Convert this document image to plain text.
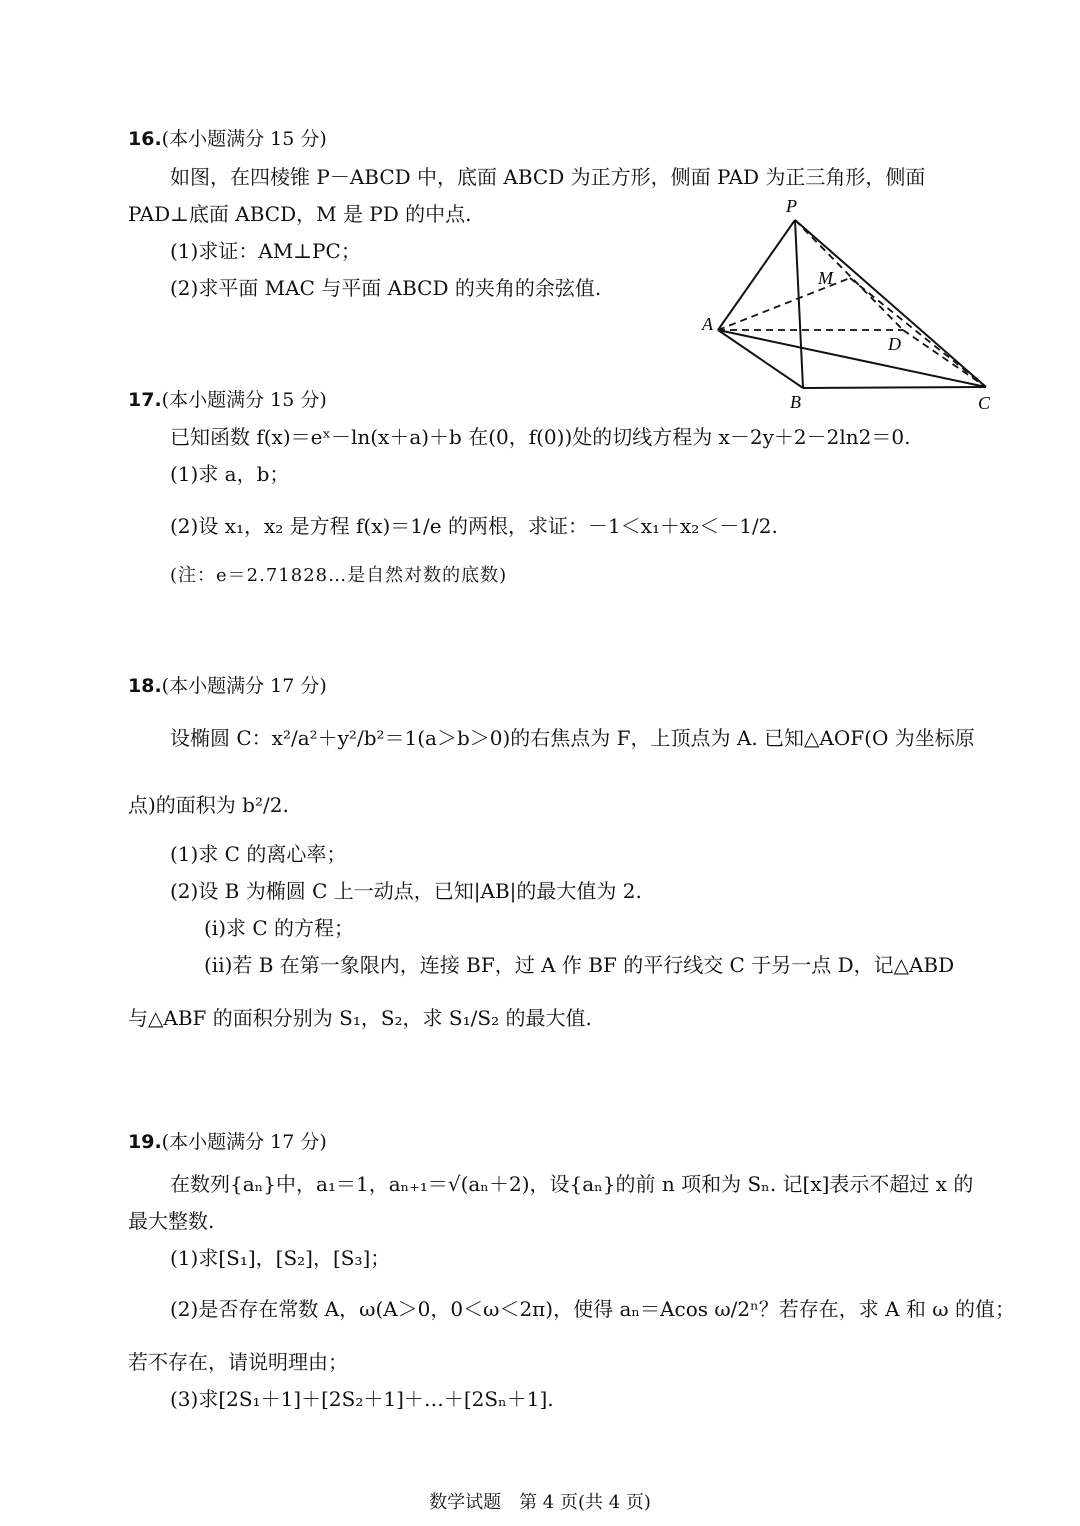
16.(本小题满分 15 分)
如图，在四棱锥 P－ABCD 中，底面 ABCD 为正方形，侧面 PAD 为正三角形，侧面
PAD⊥底面 ABCD，M 是 PD 的中点.
(1)求证：AM⊥PC；
(2)求平面 MAC 与平面 ABCD 的夹角的余弦值.
P
M
A
D
B	C
17.(本小题满分 15 分)
已知函数 f(x)＝eˣ－ln(x＋a)＋b 在(0，f(0))处的切线方程为 x－2y＋2－2ln2＝0.
(1)求 a，b；
(2)设 x₁，x₂ 是方程 f(x)＝1/e 的两根，求证：－1＜x₁＋x₂＜－1/2.
(注：e＝2.71828…是自然对数的底数)
18.(本小题满分 17 分)
设椭圆 C：x²/a²＋y²/b²＝1(a＞b＞0)的右焦点为 F，上顶点为 A. 已知△AOF(O 为坐标原
点)的面积为 b²/2.
(1)求 C 的离心率；
(2)设 B 为椭圆 C 上一动点，已知|AB|的最大值为 2.
(i)求 C 的方程；
(ii)若 B 在第一象限内，连接 BF，过 A 作 BF 的平行线交 C 于另一点 D，记△ABD
与△ABF 的面积分别为 S₁，S₂，求 S₁/S₂ 的最大值.
19.(本小题满分 17 分)
在数列{aₙ}中，a₁＝1，aₙ₊₁＝√(aₙ＋2)，设{aₙ}的前 n 项和为 Sₙ. 记[x]表示不超过 x 的
最大整数.
(1)求[S₁]，[S₂]，[S₃]；
(2)是否存在常数 A，ω(A＞0，0＜ω＜2π)，使得 aₙ＝Acos ω/2ⁿ？若存在，求 A 和 ω 的值；
若不存在，请说明理由；
(3)求[2S₁＋1]＋[2S₂＋1]＋…＋[2Sₙ＋1].
数学试题　第 4 页(共 4 页)
